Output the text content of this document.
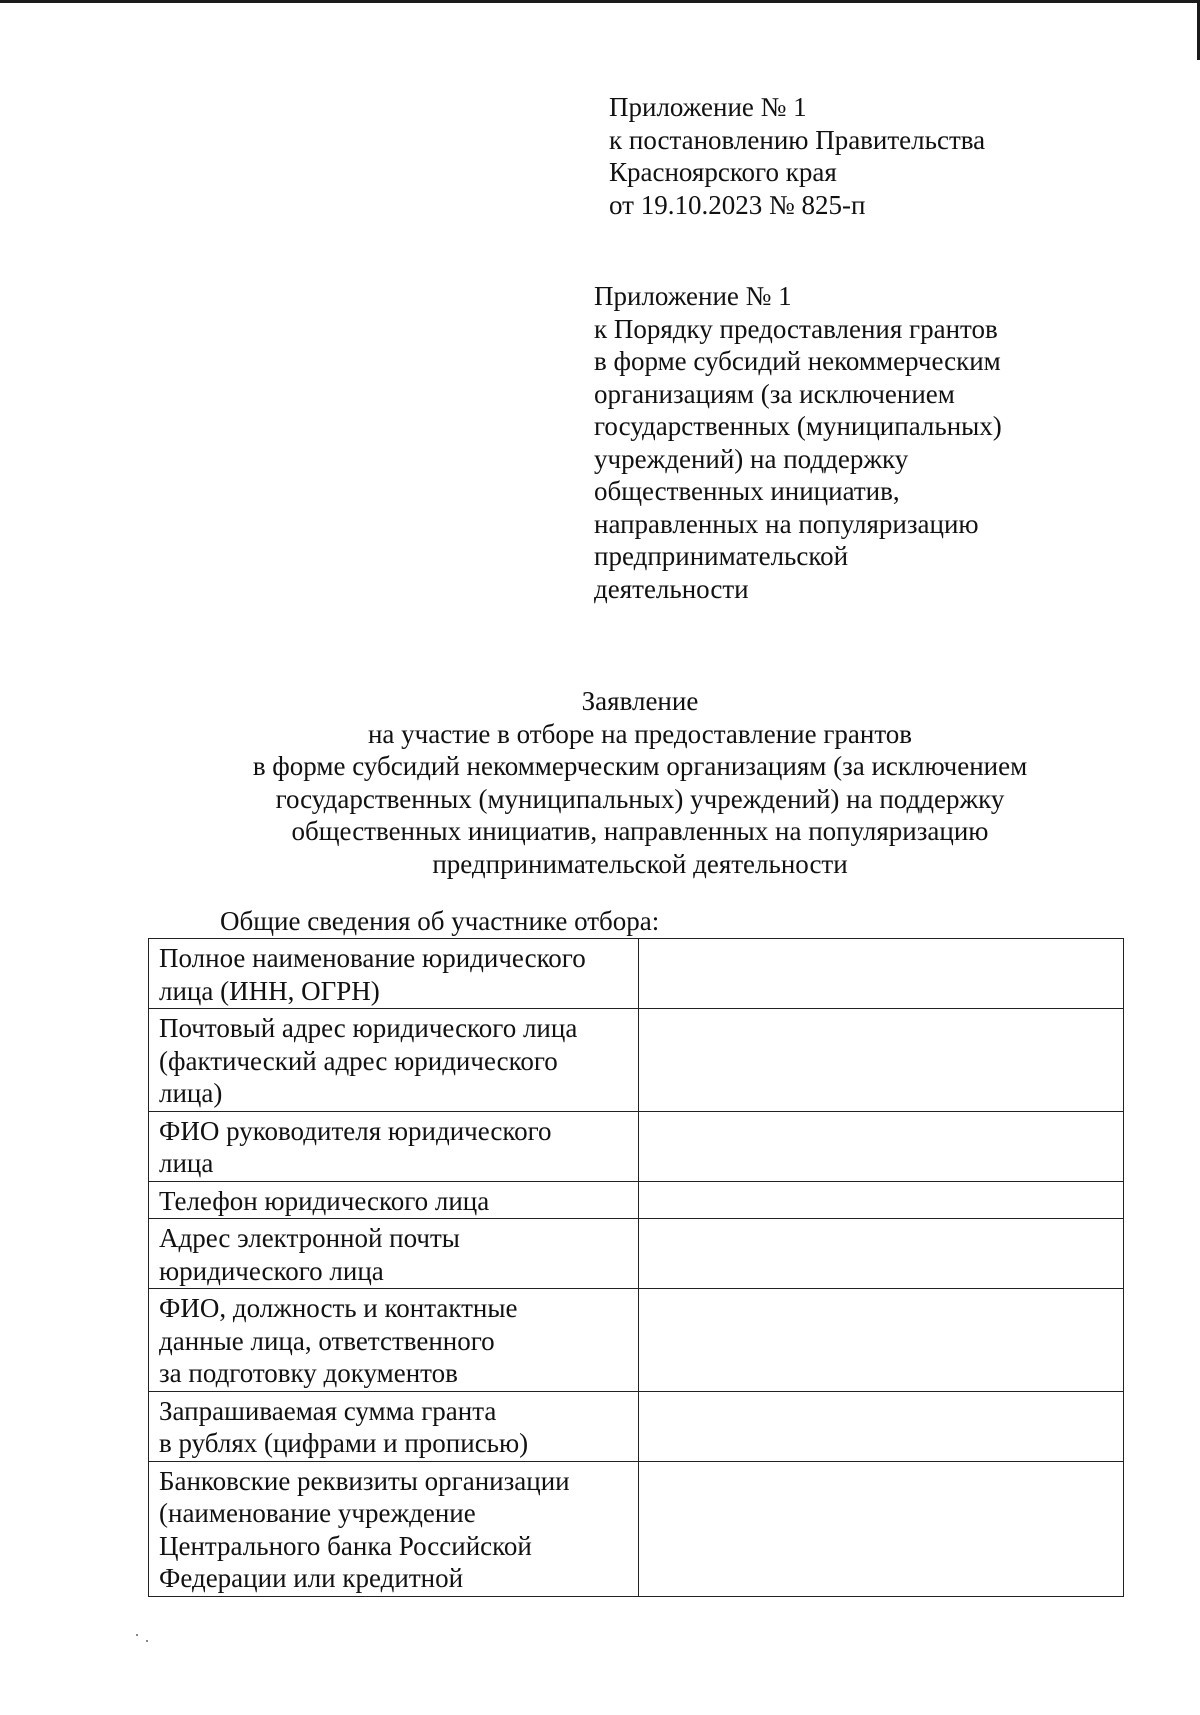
Приложение № 1
к постановлению Правительства
Красноярского края
от 19.10.2023 № 825-п
Приложение № 1
к Порядку предоставления грантов
в форме субсидий некоммерческим
организациям (за исключением
государственных (муниципальных)
учреждений) на поддержку
общественных инициатив,
направленных на популяризацию
предпринимательской
деятельности
Заявление
на участие в отборе на предоставление грантов
в форме субсидий некоммерческим организациям (за исключением
государственных (муниципальных) учреждений) на поддержку
общественных инициатив, направленных на популяризацию
предпринимательской деятельности
Общие сведения об участнике отбора:
Полное наименование юридического
лица (ИНН, ОГРН)	

Почтовый адрес юридического лица
(фактический адрес юридического
лица)	

ФИО руководителя юридического
лица	

Телефон юридического лица	

Адрес электронной почты
юридического лица	

ФИО, должность и контактные
данные лица, ответственного
за подготовку документов	

Запрашиваемая сумма гранта
в рублях (цифрами и прописью)	

Банковские реквизиты организации
(наименование учреждение
Центрального банка Российской
Федерации или кредитной	
